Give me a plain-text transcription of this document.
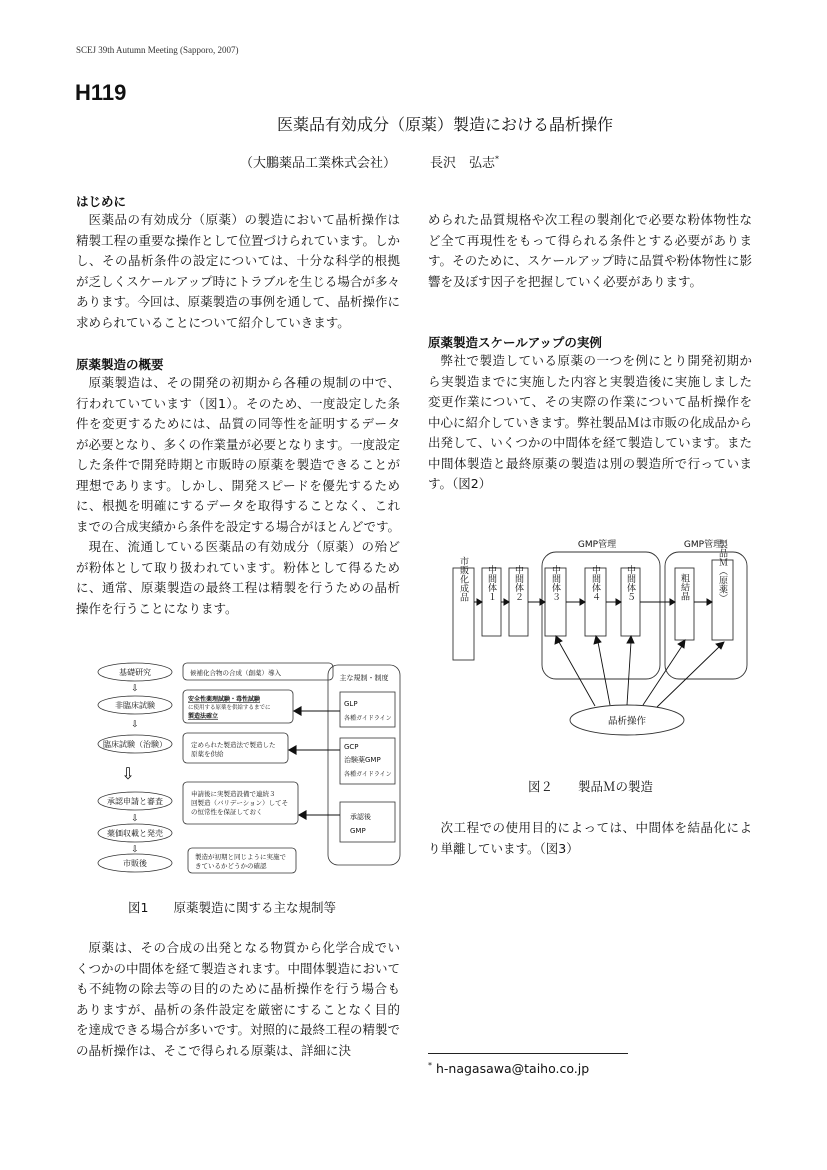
SCEJ 39th Autumn Meeting (Sapporo, 2007)
H119
医薬品有効成分（原薬）製造における晶析操作
（大鵬薬品工業株式会社）	長沢　弘志*
はじめに

医薬品の有効成分（原薬）の製造において晶析操作は精製工程の重要な操作として位置づけられています。しかし、その晶析条件の設定については、十分な科学的根拠が乏しくスケールアップ時にトラブルを生じる場合が多々あります。今回は、原薬製造の事例を通して、晶析操作に求められていることについて紹介していきます。

原薬製造の概要

原薬製造は、その開発の初期から各種の規制の中で、行われていています（図1）。そのため、一度設定した条件を変更するためには、品質の同等性を証明するデータが必要となり、多くの作業量が必要となります。一度設定した条件で開発時期と市販時の原薬を製造できることが理想であります。しかし、開発スピードを優先するために、根拠を明確にするデータを取得することなく、これまでの合成実績から条件を設定する場合がほとんどです。

現在、流通している医薬品の有効成分（原薬）の殆どが粉体として取り扱われています。粉体として得るために、通常、原薬製造の最終工程は精製を行うための晶析操作を行うことになります。

基礎研究
⇩
非臨床試験
⇩
臨床試験（治験）
⇩
承認申請と審査
⇩
薬価収載と発売
⇩
市販後
候補化合物の合成（創薬）導入
安全性薬理試験・毒性試験
に使用する原薬を供給するまでに
製造法確立
定められた製造法で製造した
原薬を供給
申請後に実製造設備で連続３
回製造（バリデーション）してそ
の恒常性を保証しておく
製造が初期と同じように実施で
きているかどうかの確認
主な規制・制度
GLP
各種ガイドライン
GCP
治験薬GMP
各種ガイドライン
承認後
GMP
図1　　原薬製造に関する主な規制等

原薬は、その合成の出発となる物質から化学合成でいくつかの中間体を経て製造されます。中間体製造においても不純物の除去等の目的のために晶析操作を行う場合もありますが、晶析の条件設定を厳密にすることなく目的を達成できる場合が多いです。対照的に最終工程の精製での晶析操作は、そこで得られる原薬は、詳細に決

められた品質規格や次工程の製剤化で必要な粉体物性など全て再現性をもって得られる条件とする必要があります。そのために、スケールアップ時に品質や粉体物性に影響を及ぼす因子を把握していく必要があります。

原薬製造スケールアップの実例

弊社で製造している原薬の一つを例にとり開発初期から実製造までに実施した内容と実製造後に実施しました変更作業について、その実際の作業について晶析操作を中心に紹介していきます。弊社製品Ｍは市販の化成品から出発して、いくつかの中間体を経て製造しています。また中間体製造と最終原薬の製造は別の製造所で行っています。（図2）

GMP管理	GMP管理
市販化成品 中間体１ 中間体２	中間体３	中間体４	中間体５	粗結晶	製品Ｍ（原薬）
晶析操作
図２　　製品Ｍの製造

次工程での使用目的によっては、中間体を結晶化により単離しています。（図3）

* h-nagasawa@taiho.co.jp
